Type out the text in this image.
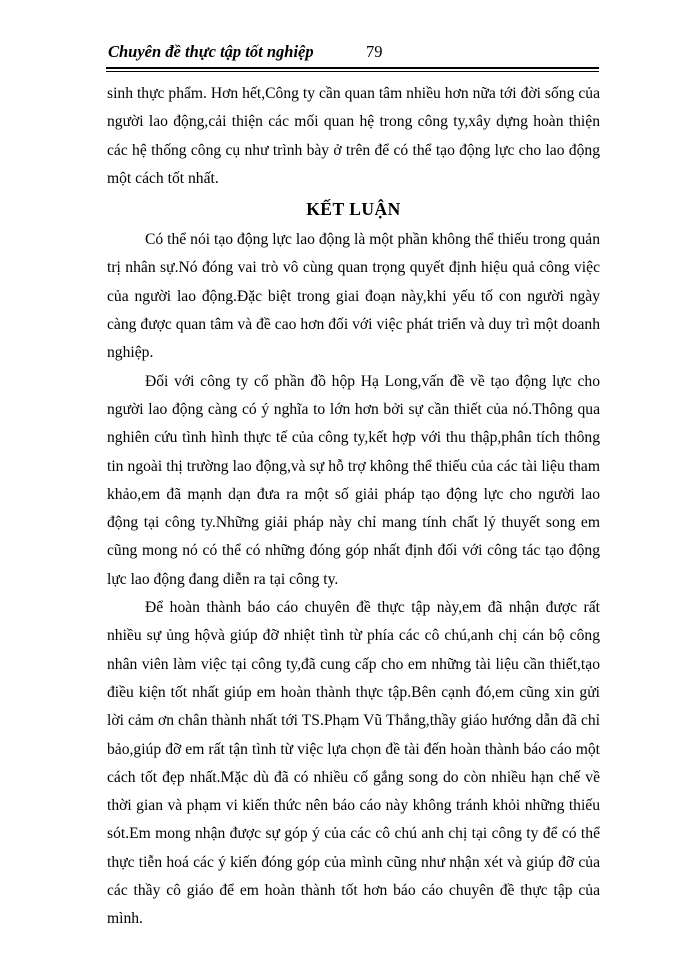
Chuyên đề thực tập tốt nghiệp	79

sinh thực phẩm. Hơn hết,Công ty cần quan tâm nhiều hơn nữa tới đời sống của người lao động,cải thiện các mối quan hệ trong công ty,xây dựng hoàn thiện các hệ thống công cụ như trình bày ở trên để có thể tạo động lực cho lao động một cách tốt nhất.

KẾT LUẬN

Có thể nói tạo động lực lao động là một phần không thể thiếu trong quản trị nhân sự.Nó đóng vai trò vô cùng quan trọng quyết định hiệu quả công việc của người lao động.Đặc biệt trong giai đoạn này,khi yếu tố con người ngày càng được quan tâm và đề cao hơn đối với việc phát triển và duy trì một doanh nghiệp.

Đối với công ty cổ phần đồ hộp Hạ Long,vấn đề về tạo động lực cho người lao động càng có ý nghĩa to lớn hơn bởi sự cần thiết của nó.Thông qua nghiên cứu tình hình thực tế của công ty,kết hợp với thu thập,phân tích thông tin ngoài thị trường lao động,và sự hỗ trợ không thể thiếu của các tài liệu tham khảo,em đã mạnh dạn đưa ra một số giải pháp tạo động lực cho người lao động tại công ty.Những giải pháp này chỉ mang tính chất lý thuyết song em cũng mong nó có thể có những đóng góp nhất định đối với công tác tạo động lực lao động đang diễn ra tại công ty.

Để hoàn thành báo cáo chuyên đề thực tập này,em đã nhận được rất nhiều sự ủng hộvà giúp đỡ nhiệt tình từ phía các cô chú,anh chị cán bộ công nhân viên làm việc tại công ty,đã cung cấp cho em những tài liệu cần thiết,tạo điều kiện tốt nhất giúp em hoàn thành thực tập.Bên cạnh đó,em cũng xin gửi lời cảm ơn chân thành nhất tới TS.Phạm Vũ Thắng,thầy giáo hướng dẫn đã chỉ bảo,giúp đỡ em rất tận tình từ việc lựa chọn đề tài đến hoàn thành báo cáo một cách tốt đẹp nhất.Mặc dù đã có nhiều cố gắng song do còn nhiều hạn chế về thời gian và phạm vi kiến thức nên báo cáo này không tránh khỏi những thiếu sót.Em mong nhận được sự góp ý của các cô chú anh chị tại công ty để có thể thực tiễn hoá các ý kiến đóng góp của mình cũng như nhận xét và giúp đỡ của các thầy cô giáo để em hoàn thành tốt hơn báo cáo chuyên đề thực tập của mình.
